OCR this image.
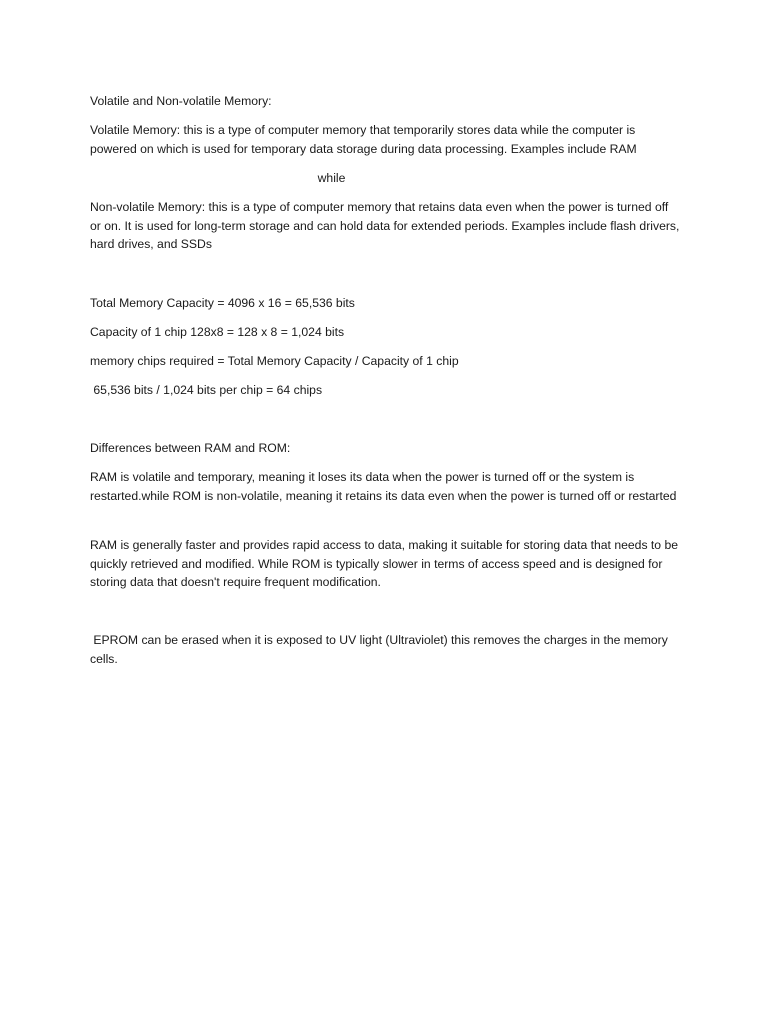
Volatile and Non-volatile Memory:

Volatile Memory: this is a type of computer memory that temporarily stores data while the computer is powered on which is used for temporary data storage during data processing. Examples include RAM

while

Non-volatile Memory: this is a type of computer memory that retains data even when the power is turned off or on. It is used for long-term storage and can hold data for extended periods. Examples include flash drivers, hard drives, and SSDs

Total Memory Capacity = 4096 x 16 = 65,536 bits

Capacity of 1 chip 128x8 = 128 x 8 = 1,024 bits

memory chips required = Total Memory Capacity / Capacity of 1 chip

65,536 bits / 1,024 bits per chip = 64 chips

Differences between RAM and ROM:

RAM is volatile and temporary, meaning it loses its data when the power is turned off or the system is restarted.while ROM is non-volatile, meaning it retains its data even when the power is turned off or restarted

RAM is generally faster and provides rapid access to data, making it suitable for storing data that needs to be quickly retrieved and modified. While ROM is typically slower in terms of access speed and is designed for storing data that doesn't require frequent modification.

EPROM can be erased when it is exposed to UV light (Ultraviolet) this removes the charges in the memory cells.
